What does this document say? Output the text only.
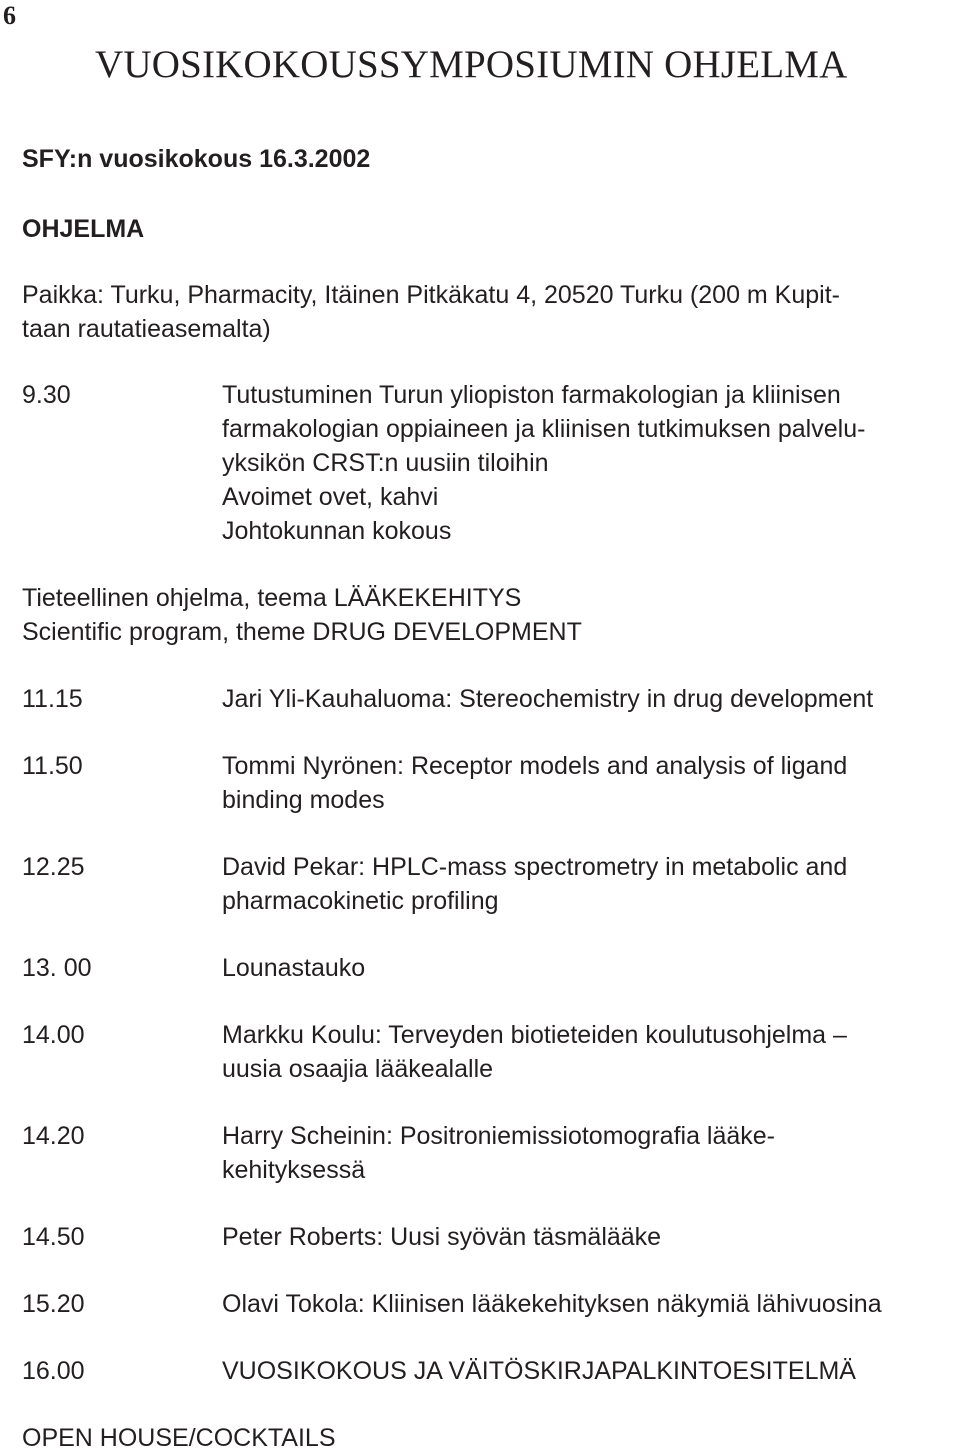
6
VUOSIKOKOUSSYMPOSIUMIN OHJELMA
SFY:n vuosikokous 16.3.2002
OHJELMA
Paikka: Turku, Pharmacity, Itäinen Pitkäkatu 4, 20520 Turku (200 m Kupit-
taan rautatieasemalta)
9.30	Tutustuminen Turun yliopiston farmakologian ja kliinisen
farmakologian oppiaineen ja kliinisen tutkimuksen palvelu-
yksikön CRST:n uusiin tiloihin
Avoimet ovet, kahvi
Johtokunnan kokous
Tieteellinen ohjelma, teema LÄÄKEKEHITYS
Scientific program, theme DRUG DEVELOPMENT
11.15	Jari Yli-Kauhaluoma: Stereochemistry in drug development
11.50	Tommi Nyrönen: Receptor models and analysis of ligand
binding modes
12.25	David Pekar: HPLC-mass spectrometry in metabolic and
pharmacokinetic profiling
13. 00	Lounastauko
14.00	Markku Koulu: Terveyden biotieteiden koulutusohjelma –
uusia osaajia lääkealalle
14.20	Harry Scheinin: Positroniemissiotomografia lääke-
kehityksessä
14.50	Peter Roberts: Uusi syövän täsmälääke
15.20	Olavi Tokola: Kliinisen lääkekehityksen näkymiä lähivuosina
16.00	VUOSIKOKOUS JA VÄITÖSKIRJAPALKINTOESITELMÄ
OPEN HOUSE/COCKTAILS
